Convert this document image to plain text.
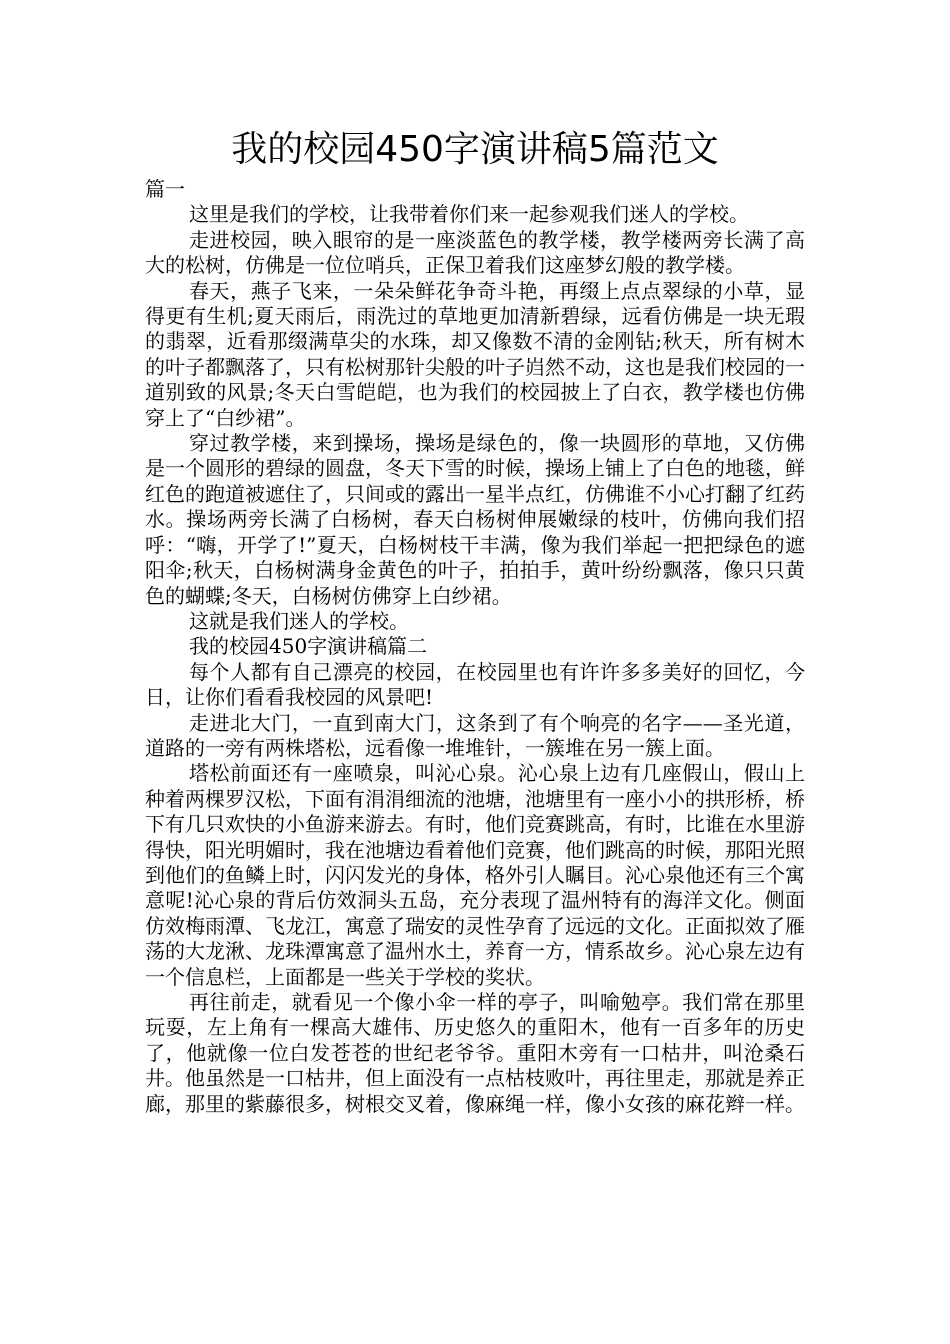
我的校园450字演讲稿5篇范文

篇一

这里是我们的学校，让我带着你们来一起参观我们迷人的学校。

走进校园，映入眼帘的是一座淡蓝色的教学楼，教学楼两旁长满了高大的松树，仿佛是一位位哨兵，正保卫着我们这座梦幻般的教学楼。

春天，燕子飞来，一朵朵鲜花争奇斗艳，再缀上点点翠绿的小草，显得更有生机;夏天雨后，雨洗过的草地更加清新碧绿，远看仿佛是一块无瑕的翡翠，近看那缀满草尖的水珠，却又像数不清的金刚钻;秋天，所有树木的叶子都飘落了，只有松树那针尖般的叶子岿然不动，这也是我们校园的一道别致的风景;冬天白雪皑皑，也为我们的校园披上了白衣，教学楼也仿佛穿上了“白纱裙”。

穿过教学楼，来到操场，操场是绿色的，像一块圆形的草地，又仿佛是一个圆形的碧绿的圆盘，冬天下雪的时候，操场上铺上了白色的地毯，鲜红色的跑道被遮住了，只间或的露出一星半点红，仿佛谁不小心打翻了红药水。操场两旁长满了白杨树，春天白杨树伸展嫩绿的枝叶，仿佛向我们招呼：“嗨，开学了!”夏天，白杨树枝干丰满，像为我们举起一把把绿色的遮阳伞;秋天，白杨树满身金黄色的叶子，拍拍手，黄叶纷纷飘落，像只只黄色的蝴蝶;冬天，白杨树仿佛穿上白纱裙。

这就是我们迷人的学校。

我的校园450字演讲稿篇二

每个人都有自己漂亮的校园，在校园里也有许许多多美好的回忆，今日，让你们看看我校园的风景吧!

走进北大门，一直到南大门，这条到了有个响亮的名字——圣光道，道路的一旁有两株塔松，远看像一堆堆针，一簇堆在另一簇上面。

塔松前面还有一座喷泉，叫沁心泉。沁心泉上边有几座假山，假山上种着两棵罗汉松，下面有涓涓细流的池塘，池塘里有一座小小的拱形桥，桥下有几只欢快的小鱼游来游去。有时，他们竞赛跳高，有时，比谁在水里游得快，阳光明媚时，我在池塘边看着他们竞赛，他们跳高的时候，那阳光照到他们的鱼鳞上时，闪闪发光的身体，格外引人瞩目。沁心泉他还有三个寓意呢!沁心泉的背后仿效洞头五岛，充分表现了温州特有的海洋文化。侧面仿效梅雨潭、飞龙江，寓意了瑞安的灵性孕育了远远的文化。正面拟效了雁荡的大龙湫、龙珠潭寓意了温州水土，养育一方，情系故乡。沁心泉左边有一个信息栏，上面都是一些关于学校的奖状。

再往前走，就看见一个像小伞一样的亭子，叫喻勉亭。我们常在那里玩耍，左上角有一棵高大雄伟、历史悠久的重阳木，他有一百多年的历史了，他就像一位白发苍苍的世纪老爷爷。重阳木旁有一口枯井，叫沧桑石井。他虽然是一口枯井，但上面没有一点枯枝败叶，再往里走，那就是养正廊，那里的紫藤很多，树根交叉着，像麻绳一样，像小女孩的麻花辫一样。
